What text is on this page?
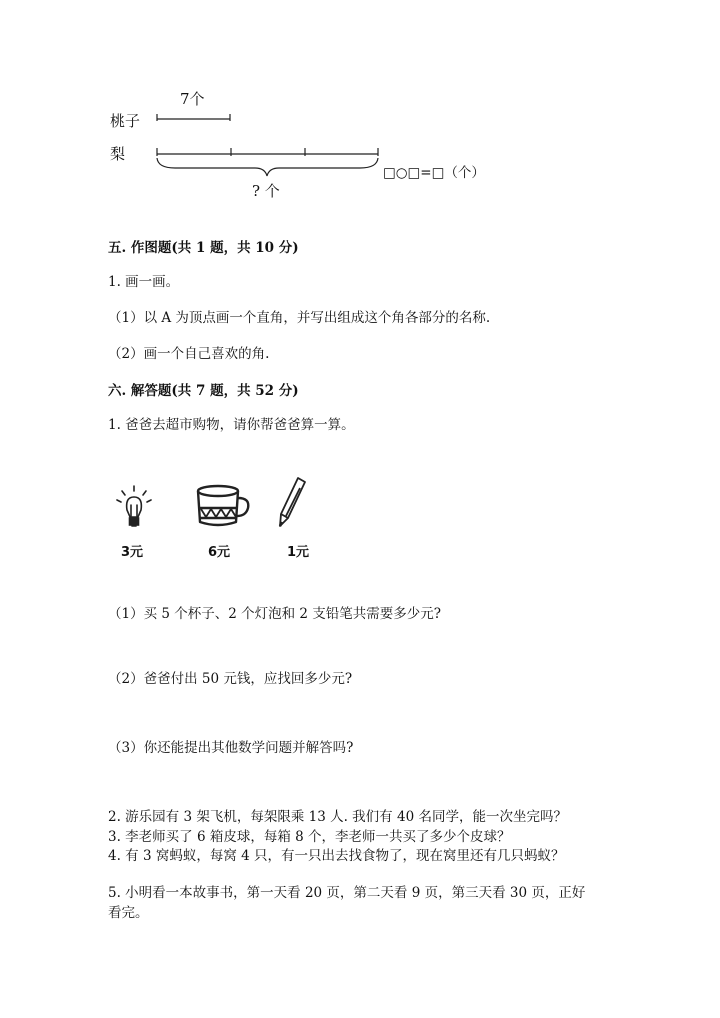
7个
桃子
梨
? 个
□○□=□（个）
五. 作图题(共 1 题，共 10 分)
1. 画一画。
（1）以 A 为顶点画一个直角，并写出组成这个角各部分的名称.
（2）画一个自己喜欢的角.
六. 解答题(共 7 题，共 52 分)
1. 爸爸去超市购物，请你帮爸爸算一算。
3元	6元	1元
（1）买 5 个杯子、2 个灯泡和 2 支铅笔共需要多少元?
（2）爸爸付出 50 元钱，应找回多少元?
（3）你还能提出其他数学问题并解答吗?
2. 游乐园有 3 架飞机，每架限乘 13 人. 我们有 40 名同学，能一次坐完吗？
3. 李老师买了 6 箱皮球，每箱 8 个，李老师一共买了多少个皮球？
4. 有 3 窝蚂蚁，每窝 4 只，有一只出去找食物了，现在窝里还有几只蚂蚁？
5. 小明看一本故事书，第一天看 20 页，第二天看 9 页，第三天看 30 页，正好
看完。
